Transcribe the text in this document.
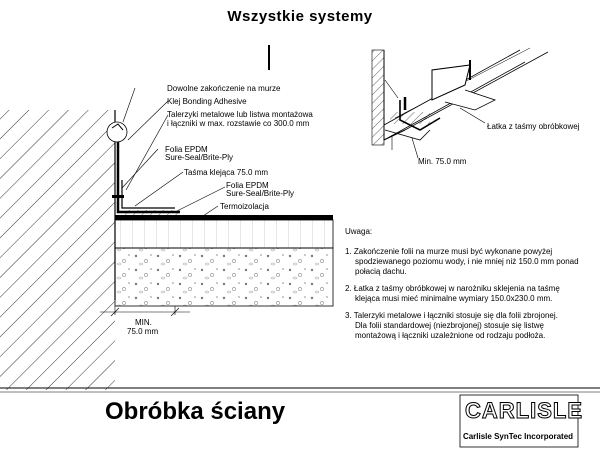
Wszystkie systemy
Dowolne zakończenie na murze
Klej Bonding Adhesive
Talerzyki metalowe lub listwa montażowa
i łączniki w max. rozstawie co 300.0 mm
Folia EPDM
Sure-Seal/Brite-Ply
Taśma klejąca 75.0 mm
Folia EPDM
Sure-Seal/Brite-Ply
Termoizolacja
MIN.
75.0 mm
Łatka z taśmy obróbkowej
Min. 75.0 mm
Uwaga:
1. Zakończenie folii na murze musi być wykonane powyżej
spodziewanego poziomu wody, i nie mniej niż 150.0 mm ponad
połacią dachu.
2. Łatka z taśmy obróbkowej w narożniku sklejenia na taśmę
klejąca musi mieć minimalne wymiary 150.0x230.0 mm.
3. Talerzyki metalowe i łączniki stosuje się dla folii zbrojonej.
Dla folii standardowej (niezbrojonej) stosuje się listwę
montażową i łączniki uzależnione od rodzaju podłoża.
Obróbka ściany	CARLISLE
Carlisle SynTec Incorporated
